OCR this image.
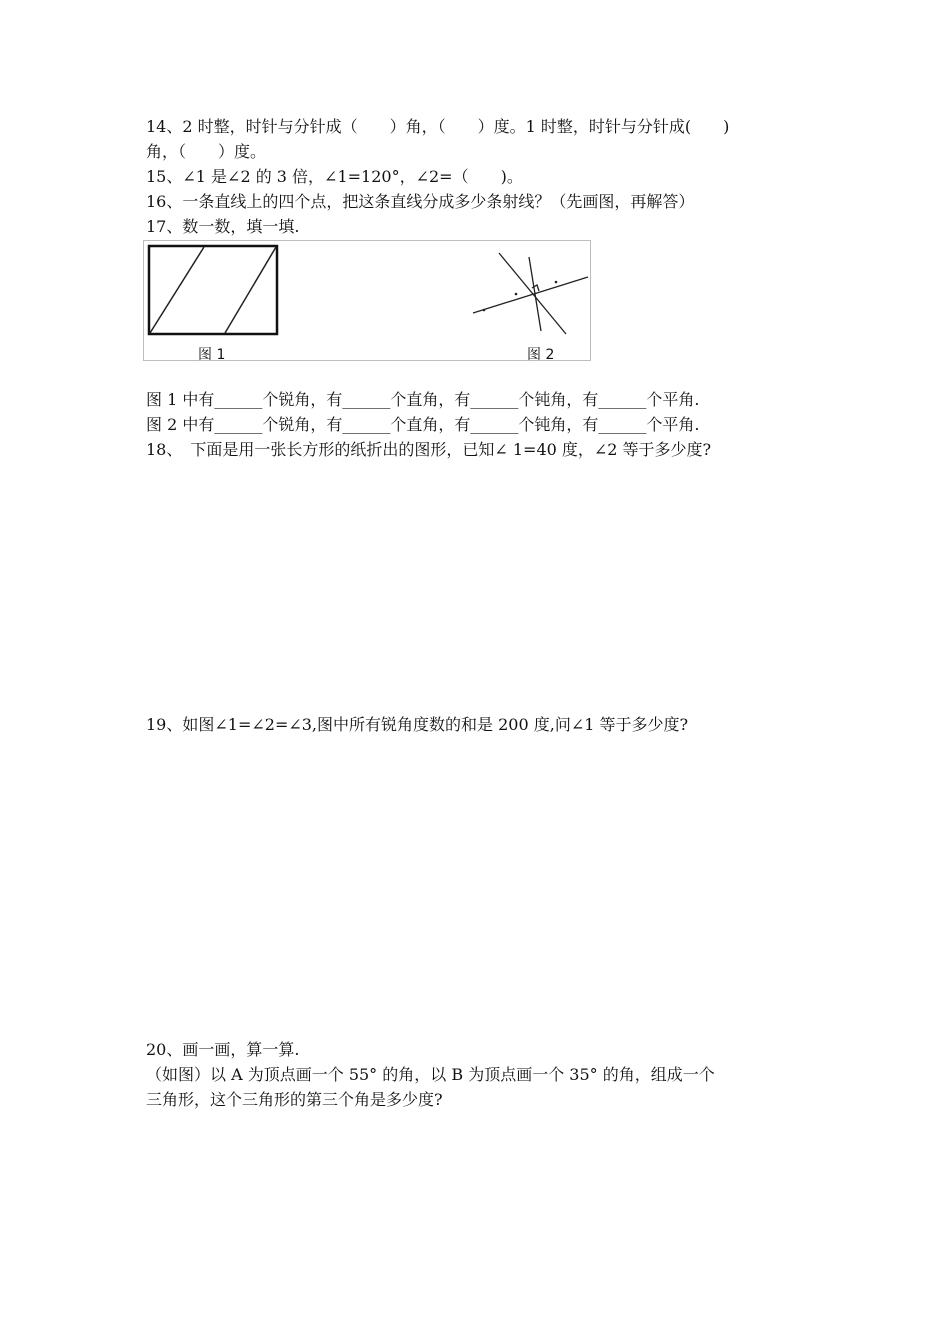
14、2 时整，时针与分针成（　　）角，（　　）度。1 时整，时针与分针成(　　)
角，（　　）度。
15、∠1 是∠2 的 3 倍，∠1=120°，∠2=（　　)。
16、一条直线上的四个点，把这条直线分成多少条射线？（先画图，再解答）
17、数一数，填一填.
图 1	图 2
图 1 中有______个锐角，有______个直角，有______个钝角，有______个平角.
图 2 中有______个锐角，有______个直角，有______个钝角，有______个平角.
18、　下面是用一张长方形的纸折出的图形，已知∠ 1=40 度，∠2 等于多少度?
19、如图∠1=∠2=∠3,图中所有锐角度数的和是 200 度,问∠1 等于多少度?
20、画一画，算一算.
（如图）以 A 为顶点画一个 55° 的角，以 B 为顶点画一个 35° 的角，组成一个
三角形，这个三角形的第三个角是多少度?
